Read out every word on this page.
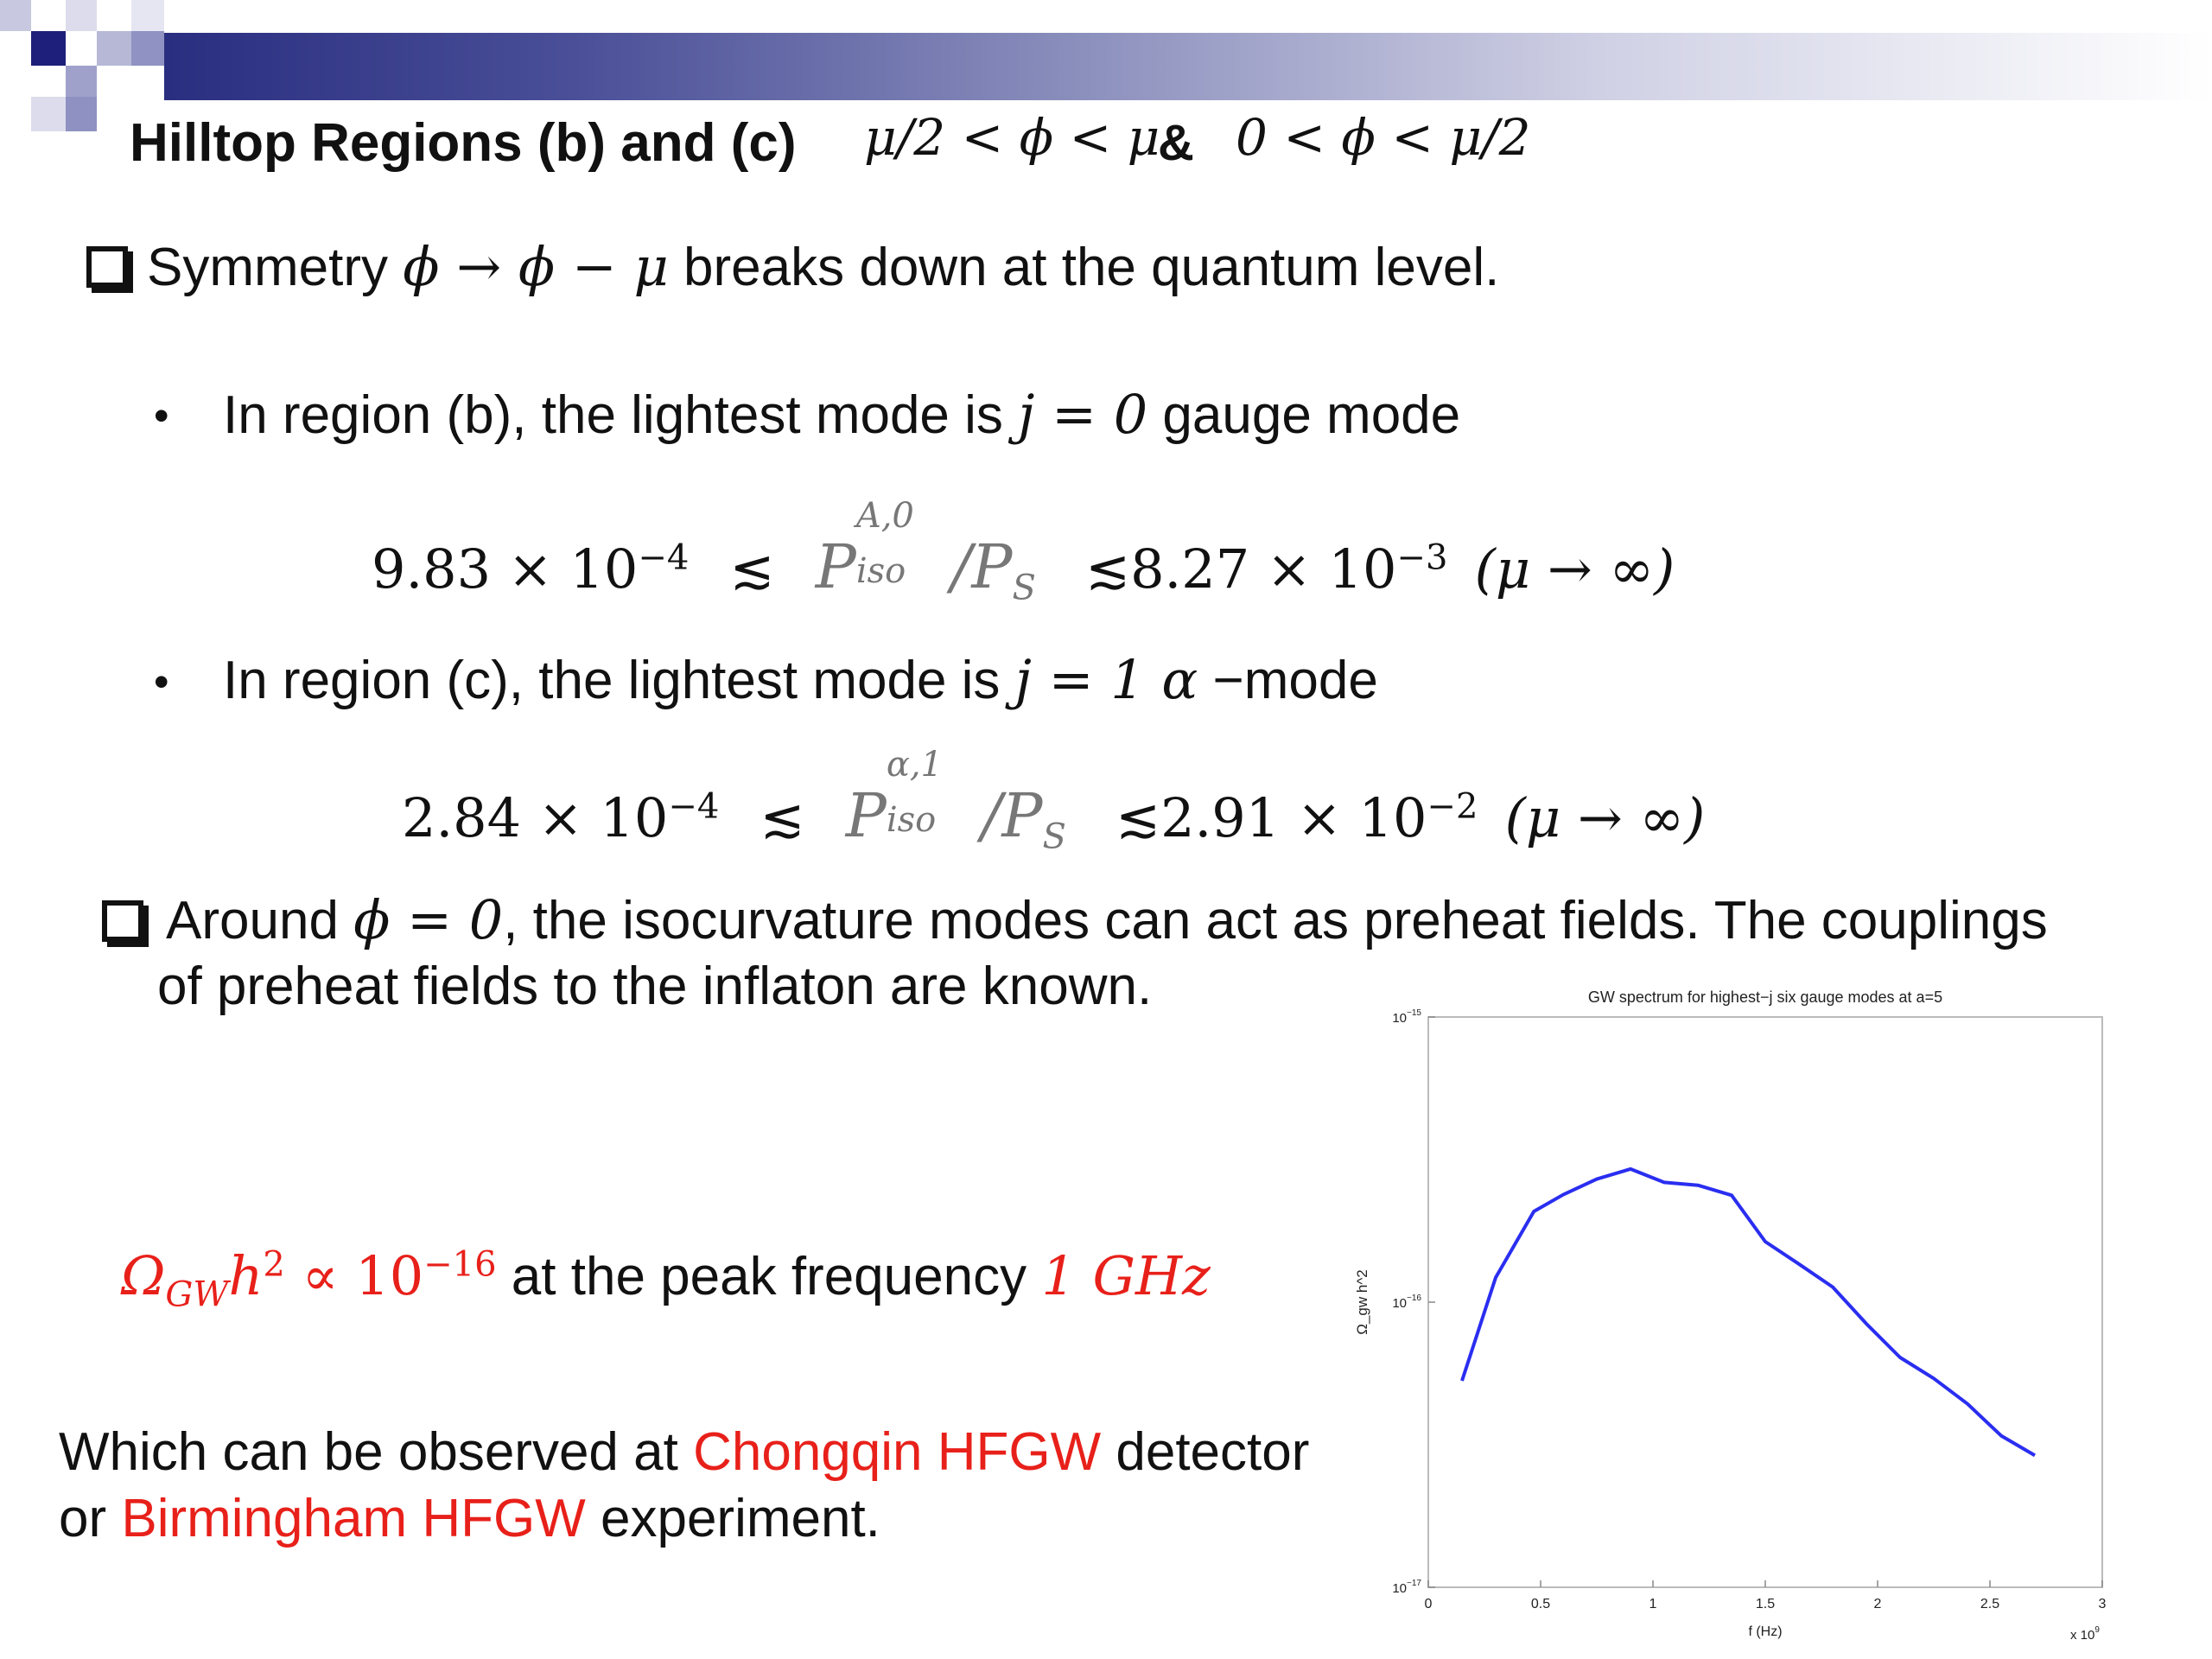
Hilltop Regions (b) and (c) μ/2 < ϕ < μ
& 0 < ϕ < μ/2
Symmetry ϕ → ϕ − μ breaks down at the quantum level.
• In region (b), the lightest mode is j = 0 gauge mode
$9.83 \times 10^{-4}$ ≲ P
A,0
iso $/P_S$ ≲8.27 × $10^{-3}$ (μ → ∞)
• In region (c), the lightest mode is j = 1 α −mode
$2.84 \times 10^{-4}$ ≲ P
α,1
iso $/P_S$ ≲2.91 × $10^{-2}$ (μ → ∞)
Around ϕ = 0, the isocurvature modes can act as preheat fields. The couplings
of preheat fields to the inflaton are known.
$\Omega_{GW}h^2 \propto 10^{-16}$ at the peak frequency 1 GHz
Which can be observed at Chongqin HFGW detector
or Birmingham HFGW experiment.
GW spectrum for highest−j six gauge modes at a=5
$10^{-15}$
$10^{-16}$
$10^{-17}$
0	0.5	1	1.5	2	2.5	3
f (Hz)	x $10^9$
Ω_gw h^2
